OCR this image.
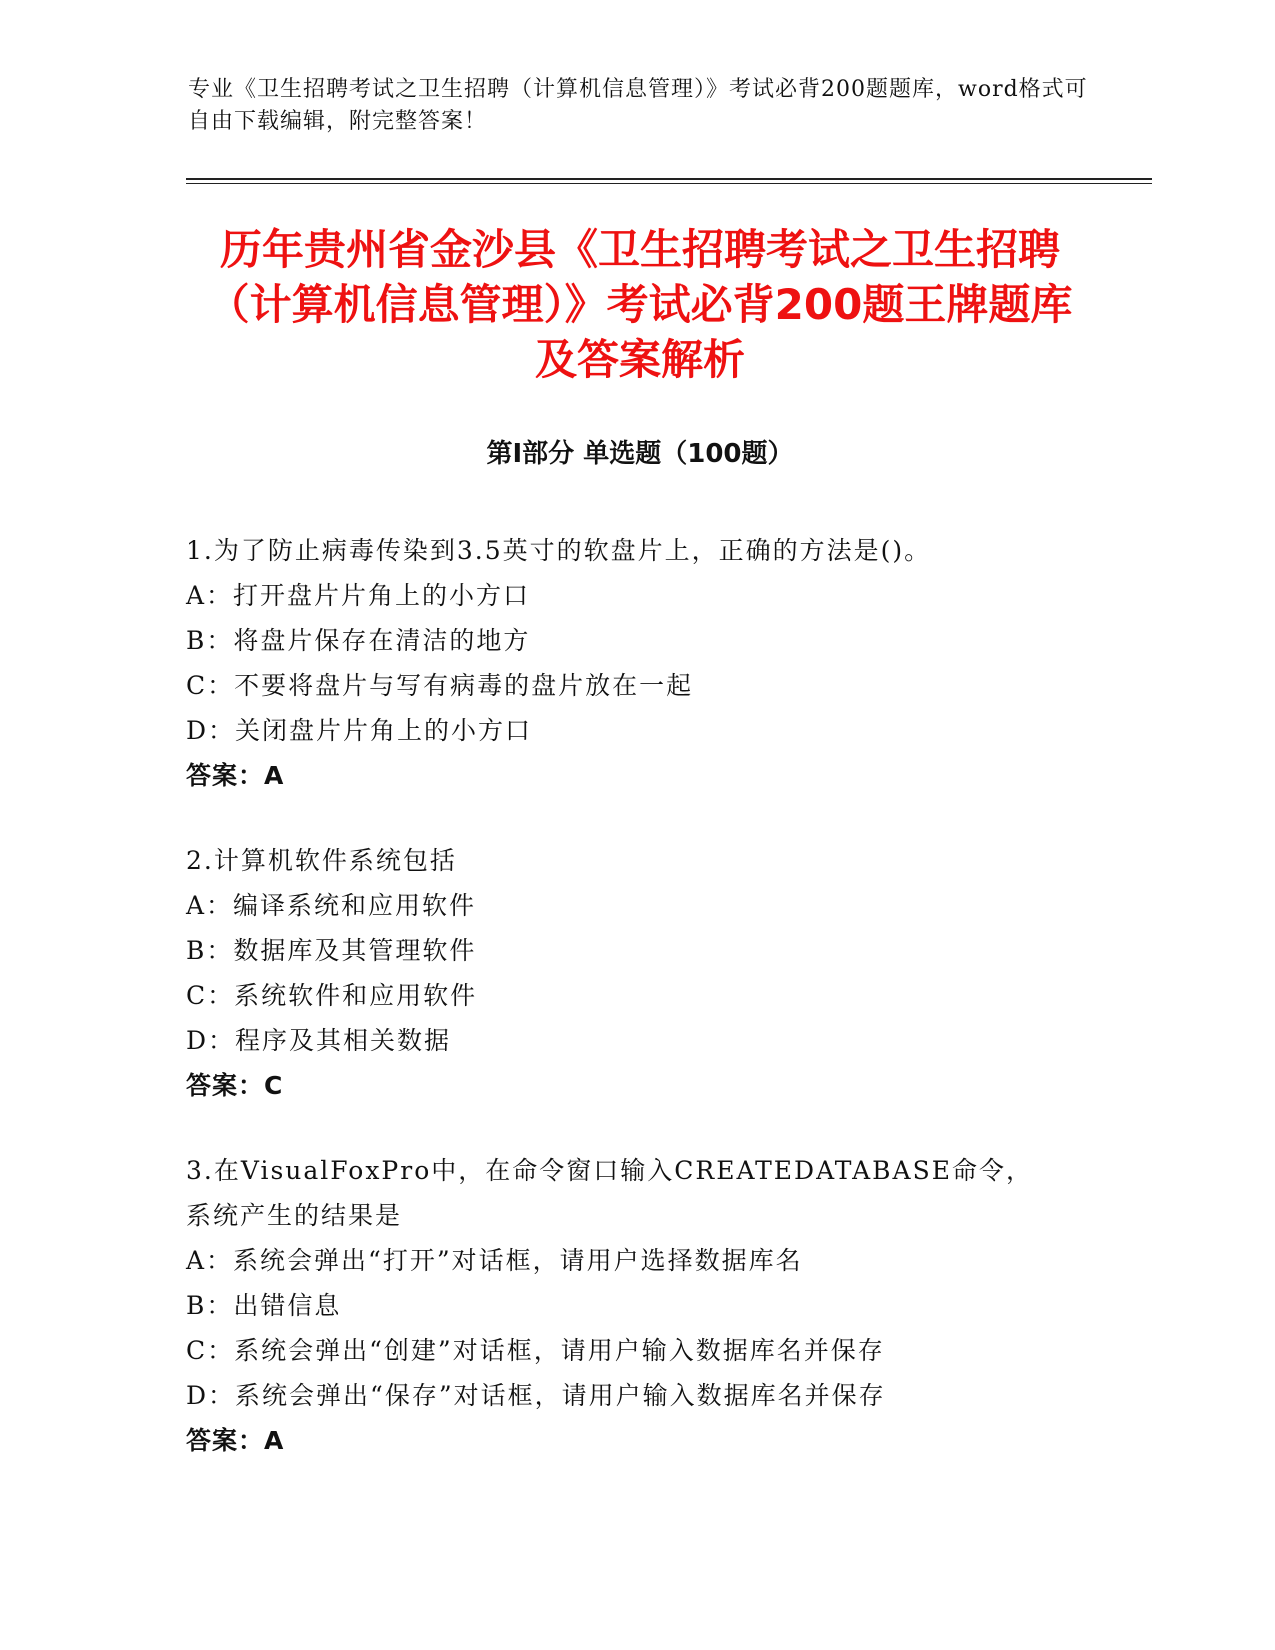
专业《卫生招聘考试之卫生招聘（计算机信息管理）》考试必背200题题库，word格式可自由下载编辑，附完整答案！
历年贵州省金沙县《卫生招聘考试之卫生招聘（计算机信息管理）》考试必背200题王牌题库及答案解析
第Ⅰ部分 单选题（100题）
1.为了防止病毒传染到3.5英寸的软盘片上，正确的方法是()。
A：打开盘片片角上的小方口
B：将盘片保存在清洁的地方
C：不要将盘片与写有病毒的盘片放在一起
D：关闭盘片片角上的小方口
答案：A
2.计算机软件系统包括
A：编译系统和应用软件
B：数据库及其管理软件
C：系统软件和应用软件
D：程序及其相关数据
答案：C
3.在VisualFoxPro中，在命令窗口输入CREATEDATABASE命令，系统产生的结果是
A：系统会弹出“打开”对话框，请用户选择数据库名
B：出错信息
C：系统会弹出“创建”对话框，请用户输入数据库名并保存
D：系统会弹出“保存”对话框，请用户输入数据库名并保存
答案：A
